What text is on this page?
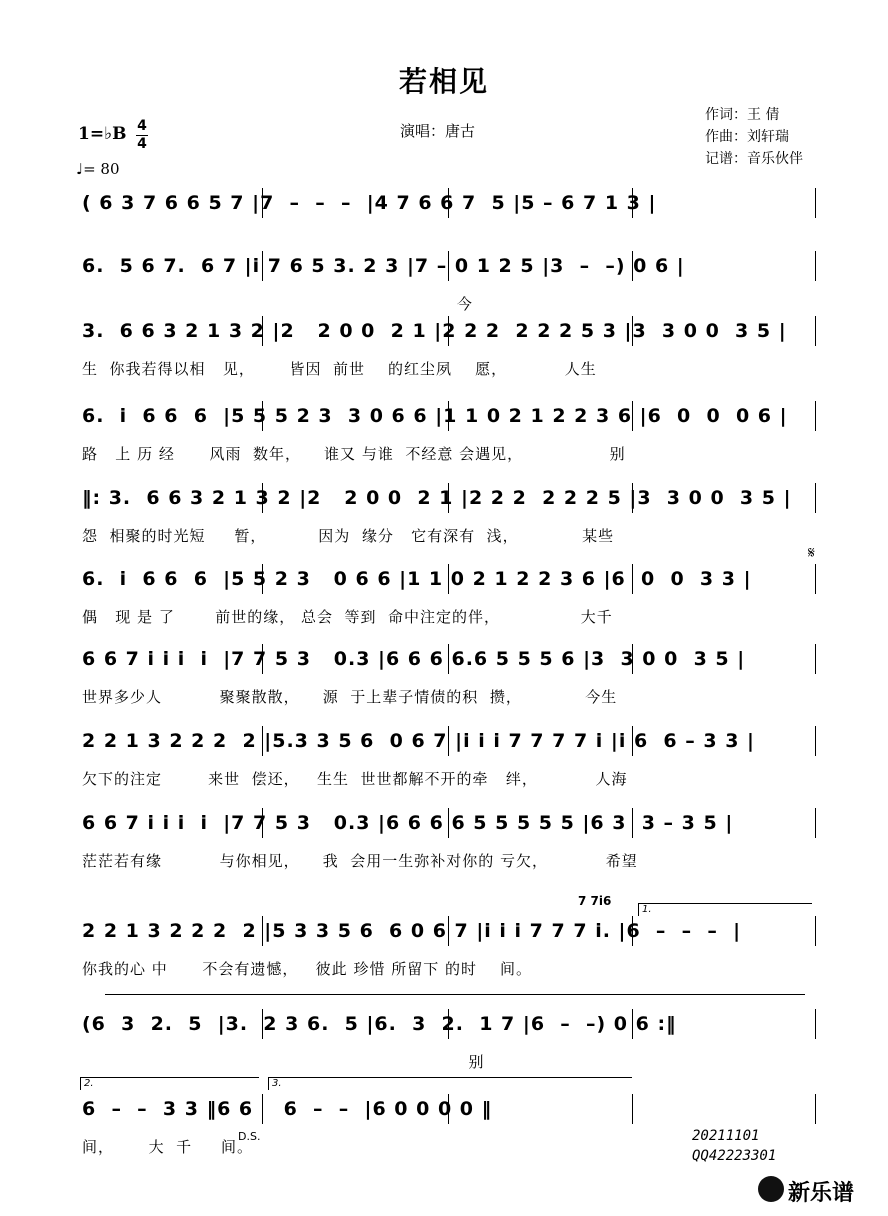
若相见
演唱：唐古
1=♭B 4
4
♩= 80
作词：王 倩
作曲：刘轩瑞
记谱：音乐伙伴
( 6 3 7 6 6 5 7 |7  –  –  –  |4 7 6 6 7  5 |5 – 6 7 1 3 |
6.  5 6 7.  6 7 |i 7 6 5 3. 2 3 |7 – 0 1 2 5 |3  –  –) 0 6 |
今
3.  6 6 3 2 1 3 2 |2   2 0 0  2 1 |2 2 2  2 2 2 5 3 |3  3 0 0  3 5 |
生  你我若得以相   见，      皆因  前世    的红尘夙    愿，          人生
6.  i  6 6  6  |5 5 5 2 3  3 0 6 6 |1 1 0 2 1 2 2 3 6 |6  0  0  0 6 |
路   上 历 经      风雨  数年，    谁又 与谁  不经意 会遇见，               别
‖: 3.  6 6 3 2 1 3 2 |2   2 0 0  2 1 |2 2 2  2 2 2 5 |3  3 0 0  3 5 |
怨  相聚的时光短     暂，         因为  缘分   它有深有  浅，           某些
6.  i  6 6  6  |5 5 2 3   0 6 6 |1 1 0 2 1 2 2 3 6 |6  0  0  3 3 |
偶   现 是 了       前世的缘， 总会  等到  命中注定的伴，              大千
6 6 7 i i i  i  |7 7 5 3   0.3 |6 6 6 6.6 5 5 5 6 |3  3 0 0  3 5 |
世界多少人          聚聚散散，    源  于上辈子情债的积  攒，           今生
2 2 1 3 2 2 2  2 |5.3 3 5 6  0 6 7 |i i i 7 7 7 7 i |i 6  6 – 3 3 |
欠下的注定        来世  偿还，   生生  世世都解不开的牵   绊，          人海
6 6 7 i i i  i  |7 7 5 3   0.3 |6 6 6 6 5 5 5 5 5 |6 3  3 – 3 5 |
茫茫若有缘          与你相见，    我  会用一生弥补对你的 亏欠，          希望
2 2 1 3 2 2 2  2 |5 3 3 5 6  6 0 6 7 |i i i 7 7 7 i. |6  –  –  –  |
你我的心 中      不会有遗憾，   彼此 珍惜 所留下 的时    间。
(6  3  2.  5  |3.  2 3 6.  5 |6.  3  2.  1 7 |6  –  –) 0 6 :‖
别
6  –  –  3 3 ‖6 6    6  –  –  |6 0 0 0 0 ‖
间，      大  千     间。
1.
7 7i6
2.	3.
D.S.
𝄋
20211101
QQ42223301
新乐谱
